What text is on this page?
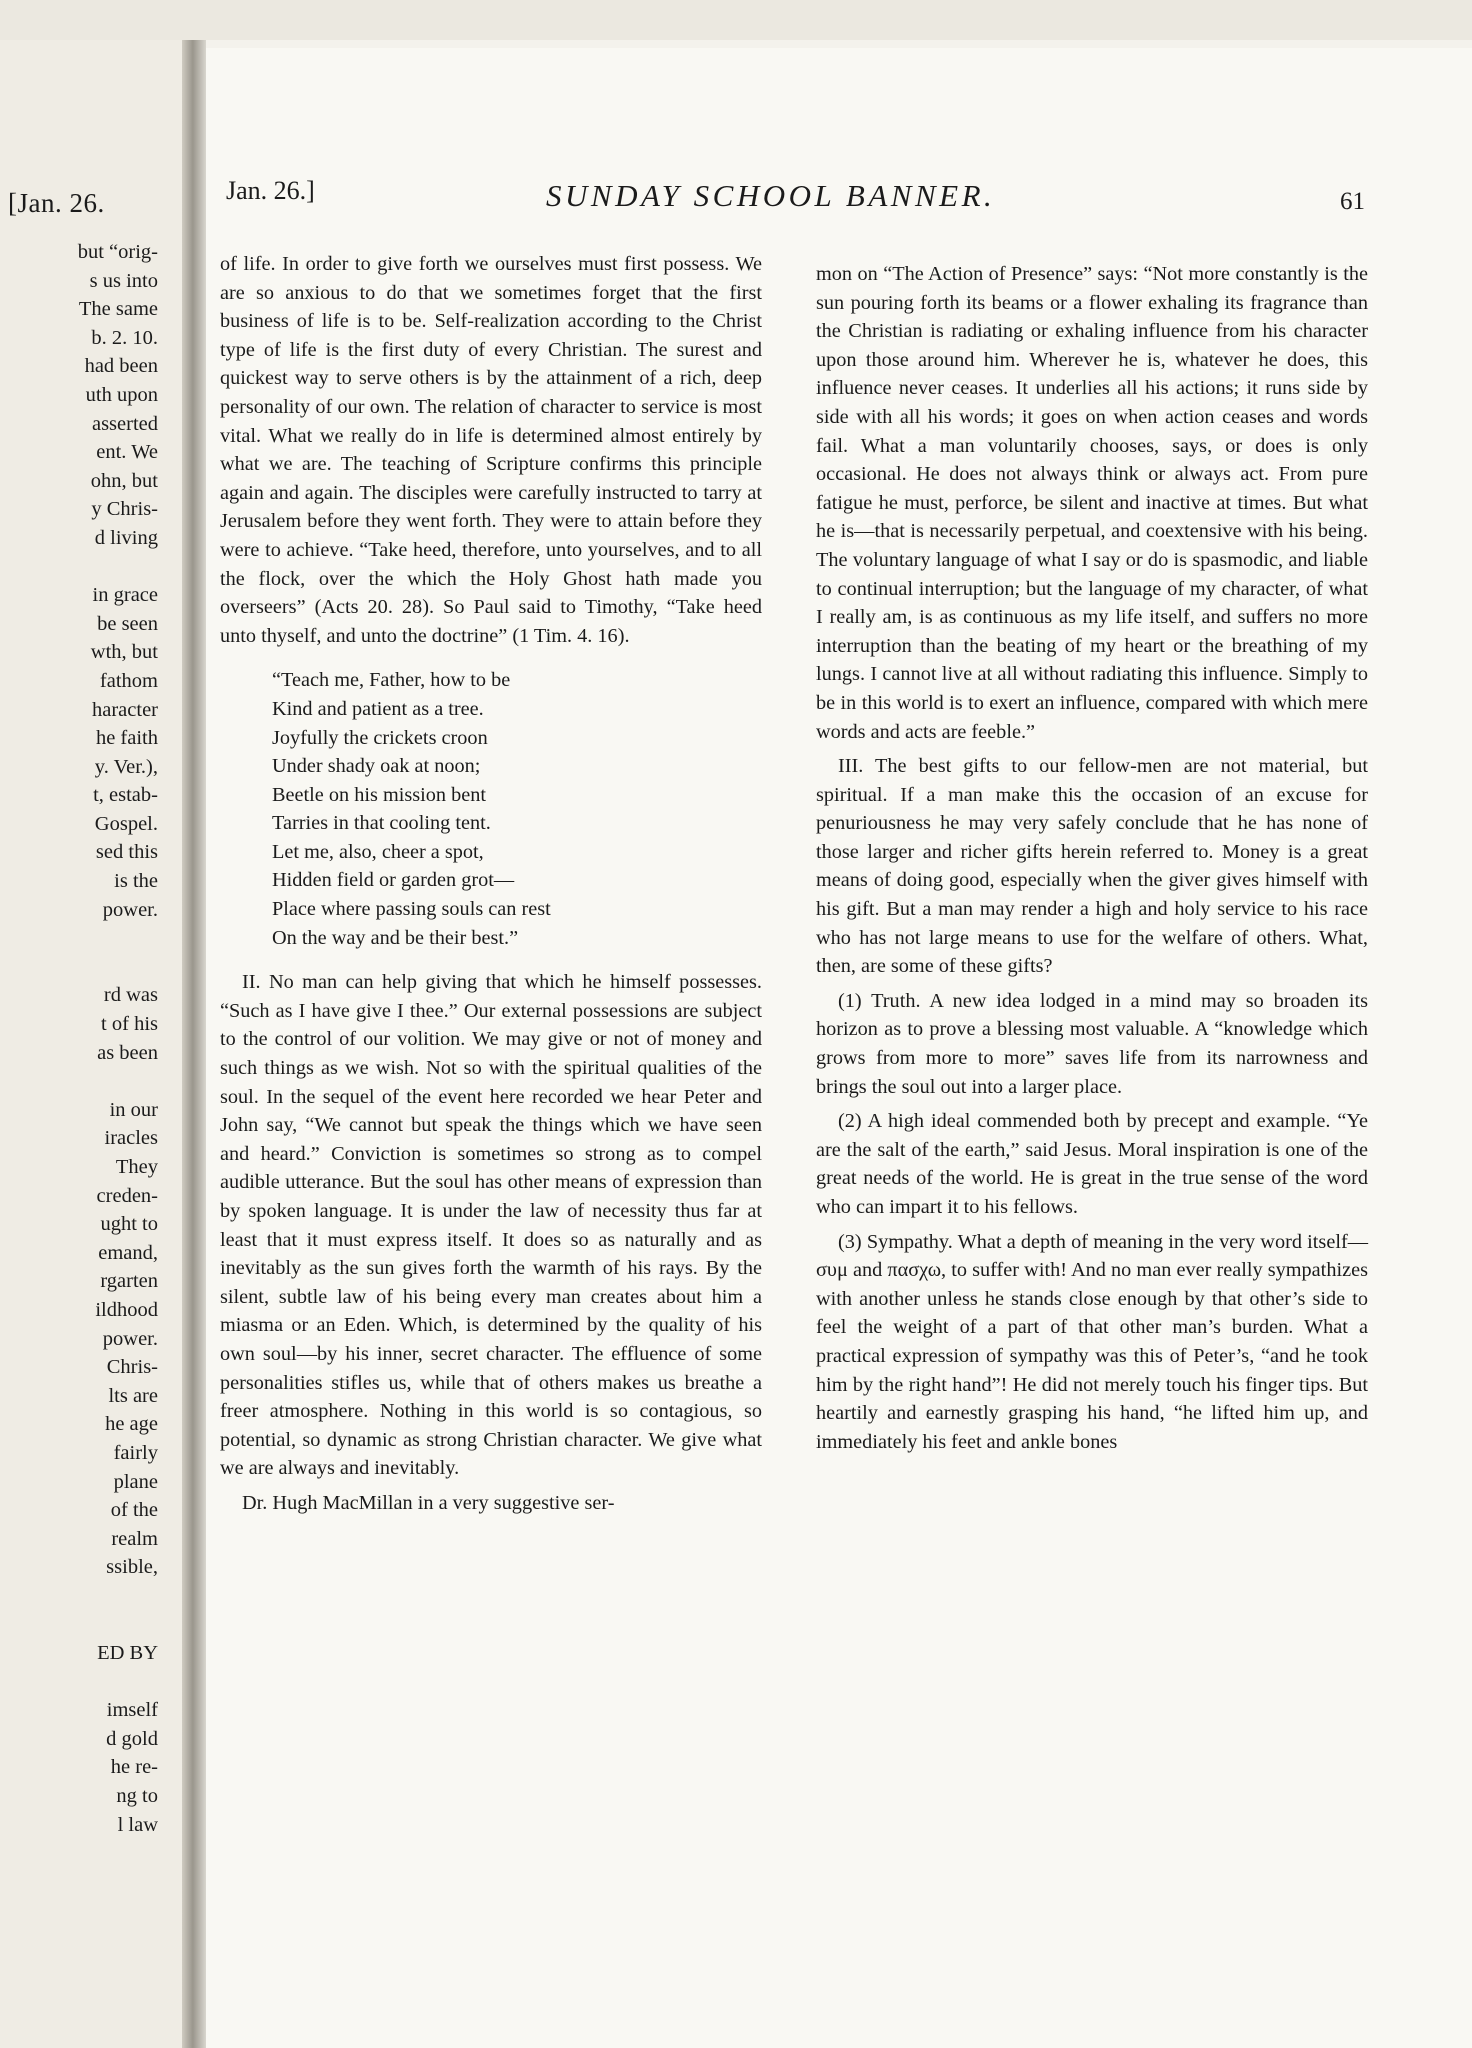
[Jan. 26.
but “orig-
s us into
The same
b. 2. 10.
had been
uth upon
asserted
ent. We
ohn, but
y Chris-
d living
in grace
be seen
wth, but
fathom
haracter
he faith
y. Ver.),
t, estab-
Gospel.
sed this
is the
power.
rd was
t of his
as been
in our
iracles
They
creden-
ught to
emand,
rgarten
ildhood
power.
Chris-
lts are
he age
fairly
plane
of the
realm
ssible,
ED BY
imself
d gold
he re-
ng to
l law
Jan. 26.]	SUNDAY SCHOOL BANNER.	61

of life. In order to give forth we ourselves must first possess. We are so anxious to do that we sometimes forget that the first business of life is to be. Self-realization according to the Christ type of life is the first duty of every Christian. The surest and quickest way to serve others is by the attainment of a rich, deep personality of our own. The relation of character to service is most vital. What we really do in life is determined almost entirely by what we are. The teaching of Scripture confirms this principle again and again. The disciples were carefully instructed to tarry at Jerusalem before they went forth. They were to attain before they were to achieve. “Take heed, therefore, unto yourselves, and to all the flock, over the which the Holy Ghost hath made you overseers” (Acts 20. 28). So Paul said to Timothy, “Take heed unto thyself, and unto the doctrine” (1 Tim. 4. 16).

“Teach me, Father, how to be
Kind and patient as a tree.
Joyfully the crickets croon
Under shady oak at noon;
Beetle on his mission bent
Tarries in that cooling tent.
Let me, also, cheer a spot,
Hidden field or garden grot—
Place where passing souls can rest
On the way and be their best.”

II. No man can help giving that which he himself possesses. “Such as I have give I thee.” Our external possessions are subject to the control of our volition. We may give or not of money and such things as we wish. Not so with the spiritual qualities of the soul. In the sequel of the event here recorded we hear Peter and John say, “We cannot but speak the things which we have seen and heard.” Conviction is sometimes so strong as to compel audible utterance. But the soul has other means of expression than by spoken language. It is under the law of necessity thus far at least that it must express itself. It does so as naturally and as inevitably as the sun gives forth the warmth of his rays. By the silent, subtle law of his being every man creates about him a miasma or an Eden. Which, is determined by the quality of his own soul—by his inner, secret character. The effluence of some personalities stifles us, while that of others makes us breathe a freer atmosphere. Nothing in this world is so contagious, so potential, so dynamic as strong Christian character. We give what we are always and inevitably.

Dr. Hugh MacMillan in a very suggestive ser-

mon on “The Action of Presence” says: “Not more constantly is the sun pouring forth its beams or a flower exhaling its fragrance than the Christian is radiating or exhaling influence from his character upon those around him. Wherever he is, whatever he does, this influence never ceases. It underlies all his actions; it runs side by side with all his words; it goes on when action ceases and words fail. What a man voluntarily chooses, says, or does is only occasional. He does not always think or always act. From pure fatigue he must, perforce, be silent and inactive at times. But what he is—that is necessarily perpetual, and coextensive with his being. The voluntary language of what I say or do is spasmodic, and liable to continual interruption; but the language of my character, of what I really am, is as continuous as my life itself, and suffers no more interruption than the beating of my heart or the breathing of my lungs. I cannot live at all without radiating this influence. Simply to be in this world is to exert an influence, compared with which mere words and acts are feeble.”

III. The best gifts to our fellow-men are not material, but spiritual. If a man make this the occasion of an excuse for penuriousness he may very safely conclude that he has none of those larger and richer gifts herein referred to. Money is a great means of doing good, especially when the giver gives himself with his gift. But a man may render a high and holy service to his race who has not large means to use for the welfare of others. What, then, are some of these gifts?

(1) Truth. A new idea lodged in a mind may so broaden its horizon as to prove a blessing most valuable. A “knowledge which grows from more to more” saves life from its narrowness and brings the soul out into a larger place.

(2) A high ideal commended both by precept and example. “Ye are the salt of the earth,” said Jesus. Moral inspiration is one of the great needs of the world. He is great in the true sense of the word who can impart it to his fellows.

(3) Sympathy. What a depth of meaning in the very word itself—συμ and πασχω, to suffer with! And no man ever really sympathizes with another unless he stands close enough by that other’s side to feel the weight of a part of that other man’s burden. What a practical expression of sympathy was this of Peter’s, “and he took him by the right hand”! He did not merely touch his finger tips. But heartily and earnestly grasping his hand, “he lifted him up, and immediately his feet and ankle bones
